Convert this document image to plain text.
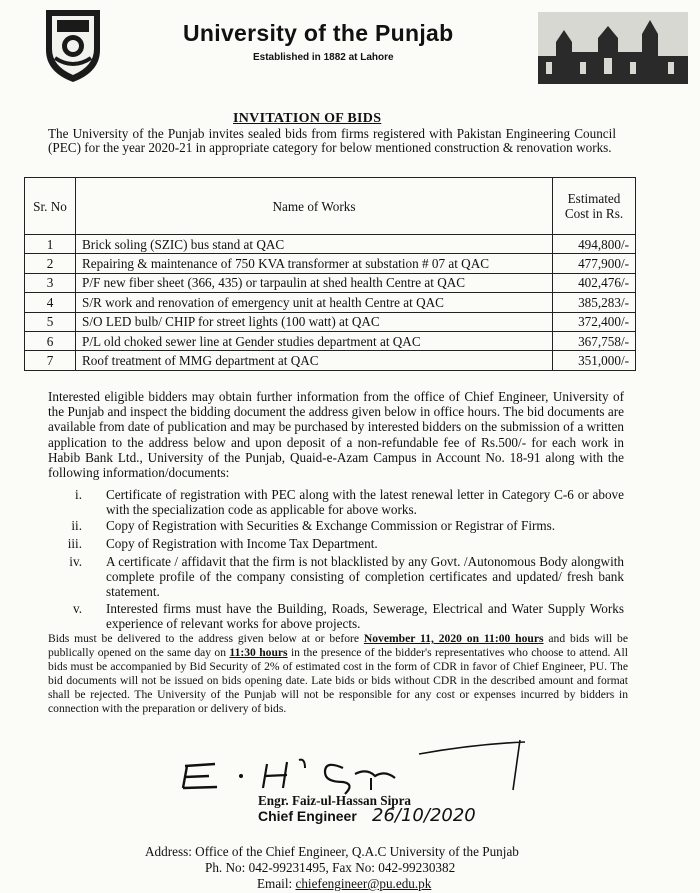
University of the Punjab
Established in 1882 at Lahore
INVITATION OF BIDS
The University of the Punjab invites sealed bids from firms registered with Pakistan Engineering Council (PEC) for the year 2020-21 in appropriate category for below mentioned construction & renovation works.
Sr. No	Name of Works	Estimated Cost in Rs.
1	Brick soling (SZIC) bus stand at QAC	494,800/-
2	Repairing & maintenance of 750 KVA transformer at substation # 07 at QAC	477,900/-
3	P/F new fiber sheet (366, 435) or tarpaulin at shed health Centre at QAC	402,476/-
4	S/R work and renovation of emergency unit at health Centre at QAC	385,283/-
5	S/O LED bulb/ CHIP for street lights (100 watt) at QAC	372,400/-
6	P/L old choked sewer line at Gender studies department at QAC	367,758/-
7	Roof treatment of MMG department at QAC	351,000/-
Interested eligible bidders may obtain further information from the office of Chief Engineer, University of the Punjab and inspect the bidding document the address given below in office hours. The bid documents are available from date of publication and may be purchased by interested bidders on the submission of a written application to the address below and upon deposit of a non-refundable fee of Rs.500/- for each work in Habib Bank Ltd., University of the Punjab, Quaid-e-Azam Campus in Account No. 18-91 along with the following information/documents:
i. Certificate of registration with PEC along with the latest renewal letter in Category C-6 or above with the specialization code as applicable for above works.
ii. Copy of Registration with Securities & Exchange Commission or Registrar of Firms.
iii. Copy of Registration with Income Tax Department.
iv. A certificate / affidavit that the firm is not blacklisted by any Govt. /Autonomous Body alongwith complete profile of the company consisting of completion certificates and updated/ fresh bank statement.
v. Interested firms must have the Building, Roads, Sewerage, Electrical and Water Supply Works experience of relevant works for above projects.
Bids must be delivered to the address given below at or before November 11, 2020 on 11:00 hours and bids will be publically opened on the same day on 11:30 hours in the presence of the bidder's representatives who choose to attend. All bids must be accompanied by Bid Security of 2% of estimated cost in the form of CDR in favor of Chief Engineer, PU. The bid documents will not be issued on bids opening date. Late bids or bids without CDR in the described amount and format shall be rejected. The University of the Punjab will not be responsible for any cost or expenses incurred by bidders in connection with the preparation or delivery of bids.
Engr. Faiz-ul-Hassan Sipra
Chief Engineer 26/10/2020
Address: Office of the Chief Engineer, Q.A.C University of the Punjab
Ph. No: 042-99231495, Fax No: 042-99230382
Email: chiefengineer@pu.edu.pk
